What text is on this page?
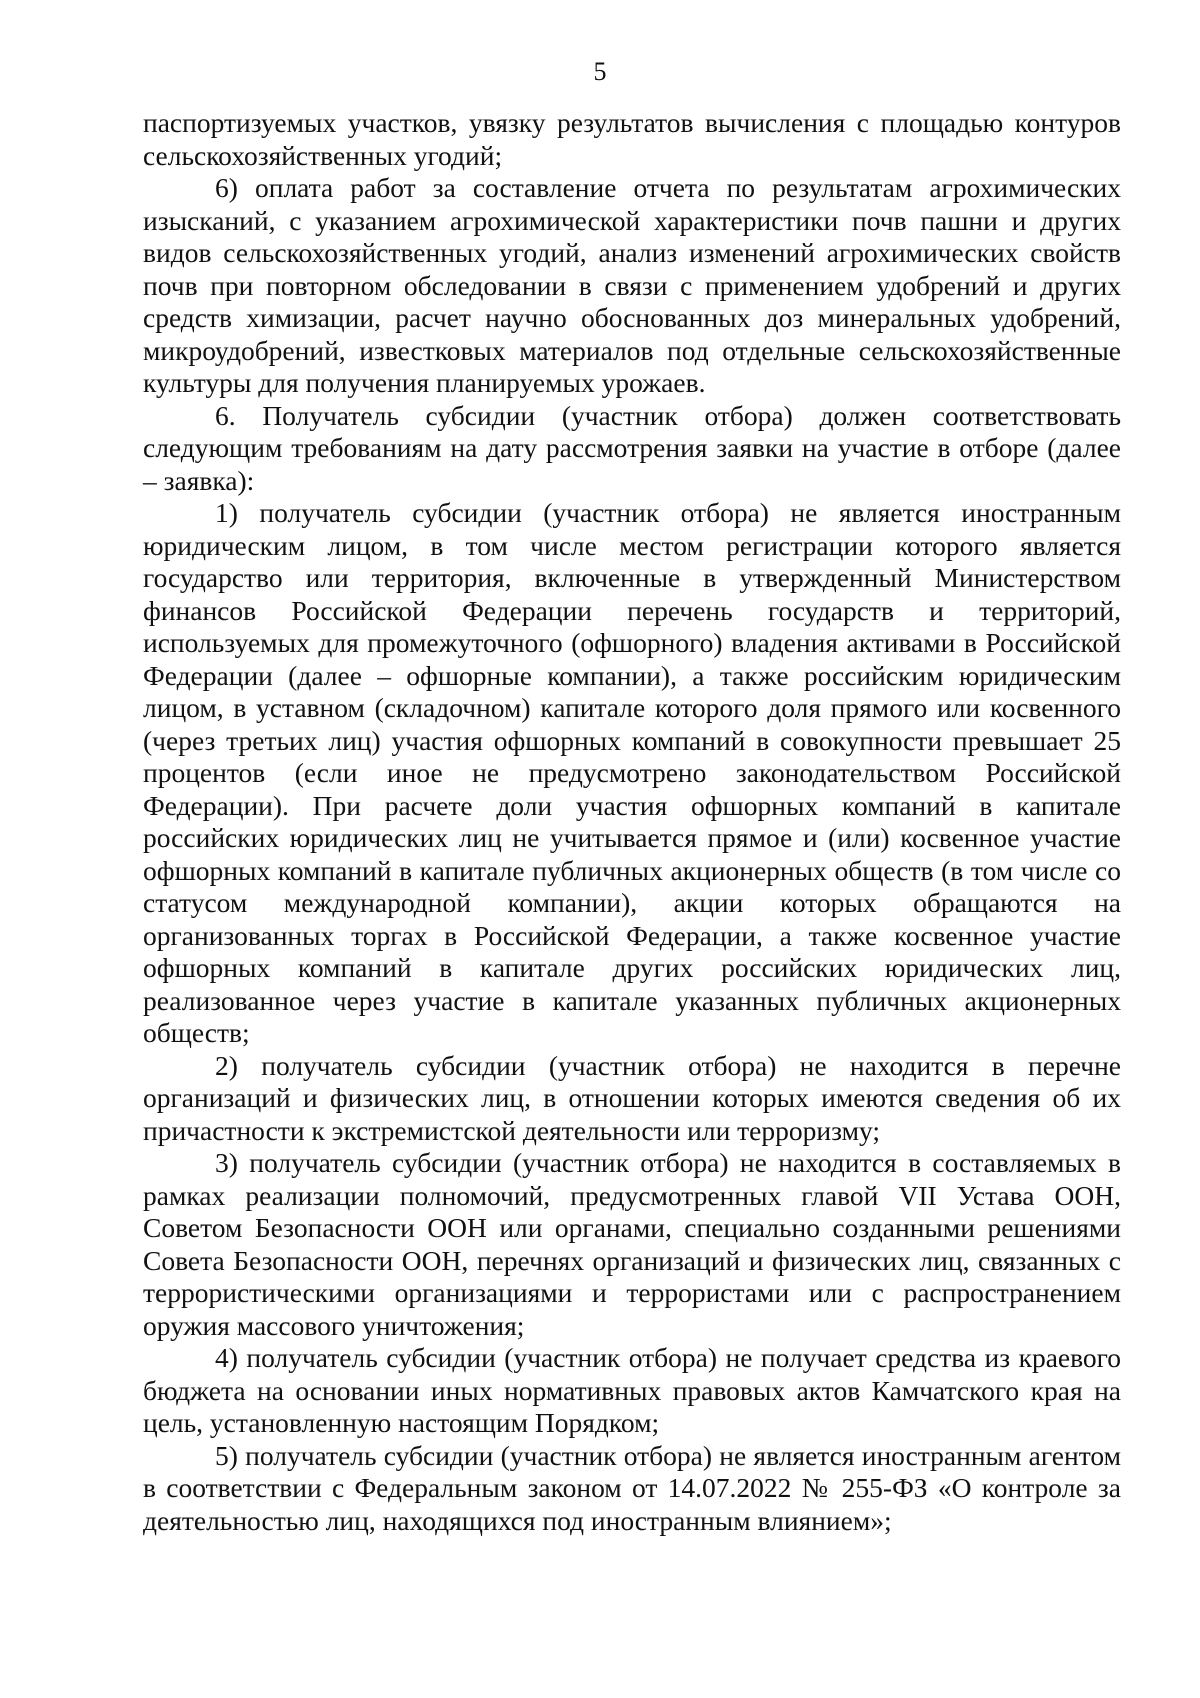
5

паспортизуемых участков, увязку результатов вычисления с площадью контуров сельскохозяйственных угодий;

6) оплата работ за составление отчета по результатам агрохимических изысканий, с указанием агрохимической характеристики почв пашни и других видов сельскохозяйственных угодий, анализ изменений агрохимических свойств почв при повторном обследовании в связи с применением удобрений и других средств химизации, расчет научно обоснованных доз минеральных удобрений, микроудобрений, известковых материалов под отдельные сельскохозяйственные культуры для получения планируемых урожаев.

6. Получатель субсидии (участник отбора) должен соответствовать следующим требованиям на дату рассмотрения заявки на участие в отборе (далее – заявка):

1) получатель субсидии (участник отбора) не является иностранным юридическим лицом, в том числе местом регистрации которого является государство или территория, включенные в утвержденный Министерством финансов Российской Федерации перечень государств и территорий, используемых для промежуточного (офшорного) владения активами в Российской Федерации (далее – офшорные компании), а также российским юридическим лицом, в уставном (складочном) капитале которого доля прямого или косвенного (через третьих лиц) участия офшорных компаний в совокупности превышает 25 процентов (если иное не предусмотрено законодательством Российской Федерации). При расчете доли участия офшорных компаний в капитале российских юридических лиц не учитывается прямое и (или) косвенное участие офшорных компаний в капитале публичных акционерных обществ (в том числе со статусом международной компании), акции которых обращаются на организованных торгах в Российской Федерации, а также косвенное участие офшорных компаний в капитале других российских юридических лиц, реализованное через участие в капитале указанных публичных акционерных обществ;

2) получатель субсидии (участник отбора) не находится в перечне организаций и физических лиц, в отношении которых имеются сведения об их причастности к экстремистской деятельности или терроризму;

3) получатель субсидии (участник отбора) не находится в составляемых в рамках реализации полномочий, предусмотренных главой VII Устава ООН, Советом Безопасности ООН или органами, специально созданными решениями Совета Безопасности ООН, перечнях организаций и физических лиц, связанных с террористическими организациями и террористами или с распространением оружия массового уничтожения;

4) получатель субсидии (участник отбора) не получает средства из краевого бюджета на основании иных нормативных правовых актов Камчатского края на цель, установленную настоящим Порядком;

5) получатель субсидии (участник отбора) не является иностранным агентом в соответствии с Федеральным законом от 14.07.2022 № 255-ФЗ «О контроле за деятельностью лиц, находящихся под иностранным влиянием»;
